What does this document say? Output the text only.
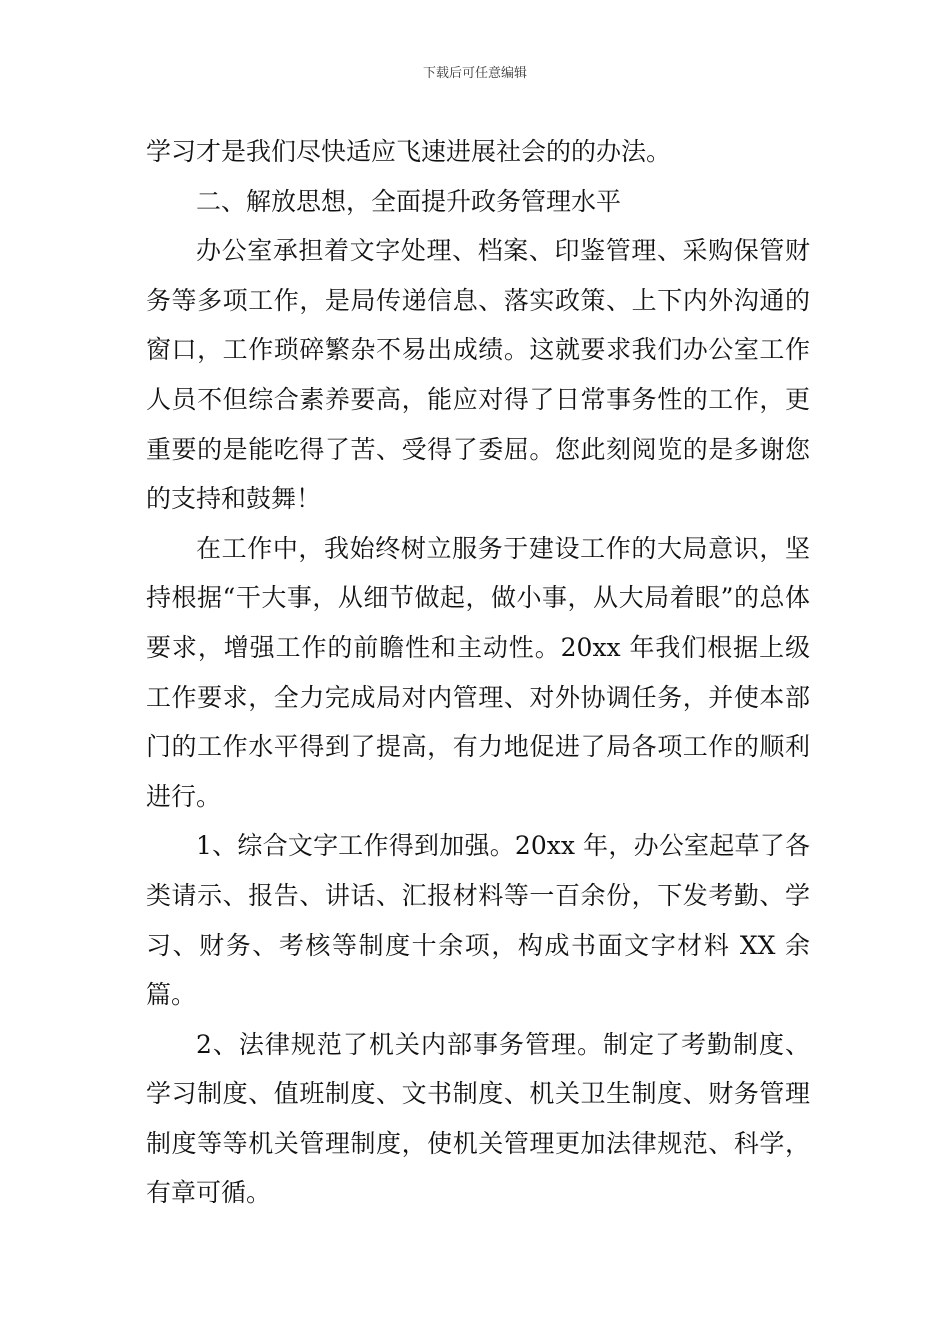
下载后可任意编辑

学习才是我们尽快适应飞速进展社会的的办法。

二、解放思想，全面提升政务管理水平

办公室承担着文字处理、档案、印鉴管理、采购保管财务等多项工作，是局传递信息、落实政策、上下内外沟通的窗口，工作琐碎繁杂不易出成绩。这就要求我们办公室工作人员不但综合素养要高，能应对得了日常事务性的工作，更重要的是能吃得了苦、受得了委屈。您此刻阅览的是多谢您的支持和鼓舞！

在工作中，我始终树立服务于建设工作的大局意识，坚持根据“干大事，从细节做起，做小事，从大局着眼”的总体要求，增强工作的前瞻性和主动性。20xx 年我们根据上级工作要求，全力完成局对内管理、对外协调任务，并使本部门的工作水平得到了提高，有力地促进了局各项工作的顺利进行。

1、综合文字工作得到加强。20xx 年，办公室起草了各类请示、报告、讲话、汇报材料等一百余份，下发考勤、学习、财务、考核等制度十余项，构成书面文字材料 XX 余篇。

2、法律规范了机关内部事务管理。制定了考勤制度、学习制度、值班制度、文书制度、机关卫生制度、财务管理制度等等机关管理制度，使机关管理更加法律规范、科学，有章可循。
